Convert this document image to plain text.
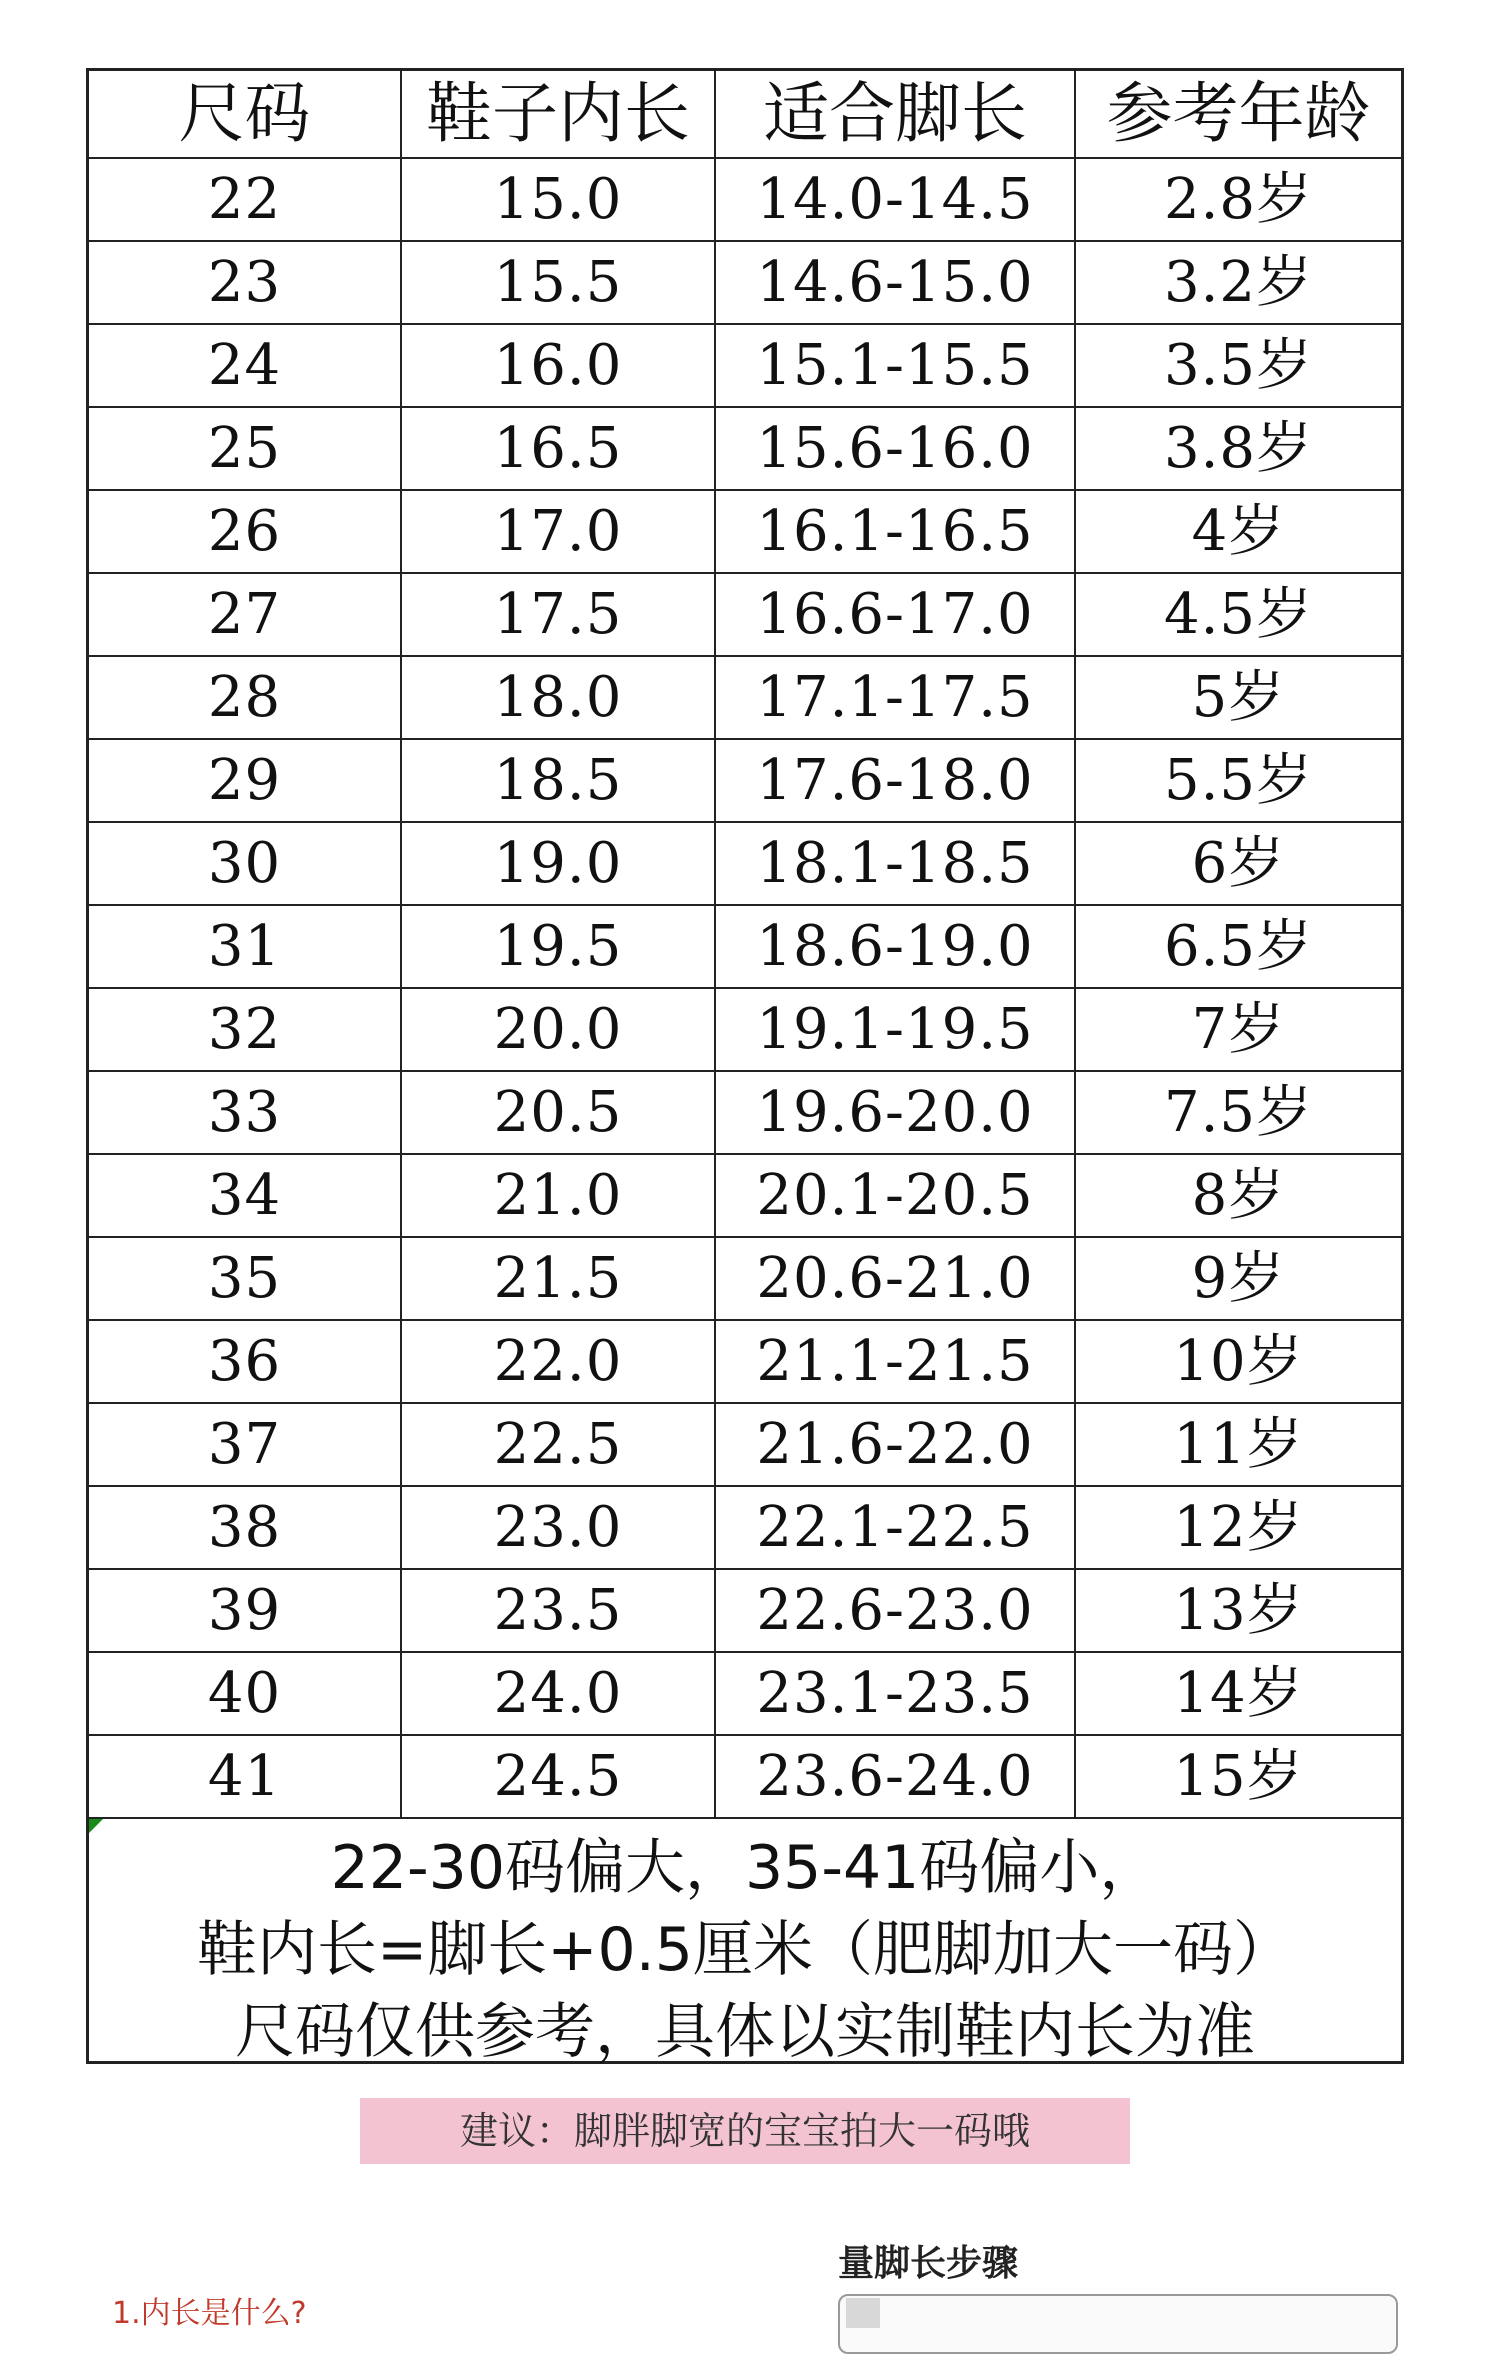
尺码	鞋子内长	适合脚长	参考年龄
22	15.0	14.0-14.5	2.8岁
23	15.5	14.6-15.0	3.2岁
24	16.0	15.1-15.5	3.5岁
25	16.5	15.6-16.0	3.8岁
26	17.0	16.1-16.5	4岁
27	17.5	16.6-17.0	4.5岁
28	18.0	17.1-17.5	5岁
29	18.5	17.6-18.0	5.5岁
30	19.0	18.1-18.5	6岁
31	19.5	18.6-19.0	6.5岁
32	20.0	19.1-19.5	7岁
33	20.5	19.6-20.0	7.5岁
34	21.0	20.1-20.5	8岁
35	21.5	20.6-21.0	9岁
36	22.0	21.1-21.5	10岁
37	22.5	21.6-22.0	11岁
38	23.0	22.1-22.5	12岁
39	23.5	22.6-23.0	13岁
40	24.0	23.1-23.5	14岁
41	24.5	23.6-24.0	15岁
22-30码偏大，35-41码偏小，
鞋内长=脚长+0.5厘米（肥脚加大一码）
尺码仅供参考，具体以实制鞋内长为准
建议：脚胖脚宽的宝宝拍大一码哦
量脚长步骤
1.内长是什么?
